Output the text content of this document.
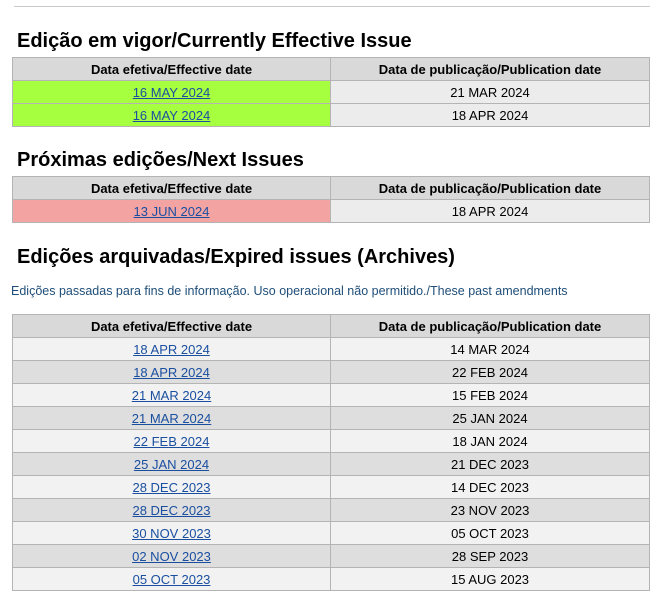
Edição em vigor/Currently Effective Issue
Data efetiva/Effective date	Data de publicação/Publication date
16 MAY 2024	21 MAR 2024
16 MAY 2024	18 APR 2024
Próximas edições/Next Issues
Data efetiva/Effective date	Data de publicação/Publication date
13 JUN 2024	18 APR 2024
Edições arquivadas/Expired issues (Archives)
Edições passadas para fins de informação. Uso operacional não permitido./These past amendments
Data efetiva/Effective date	Data de publicação/Publication date
18 APR 2024	14 MAR 2024
18 APR 2024	22 FEB 2024
21 MAR 2024	15 FEB 2024
21 MAR 2024	25 JAN 2024
22 FEB 2024	18 JAN 2024
25 JAN 2024	21 DEC 2023
28 DEC 2023	14 DEC 2023
28 DEC 2023	23 NOV 2023
30 NOV 2023	05 OCT 2023
02 NOV 2023	28 SEP 2023
05 OCT 2023	15 AUG 2023
